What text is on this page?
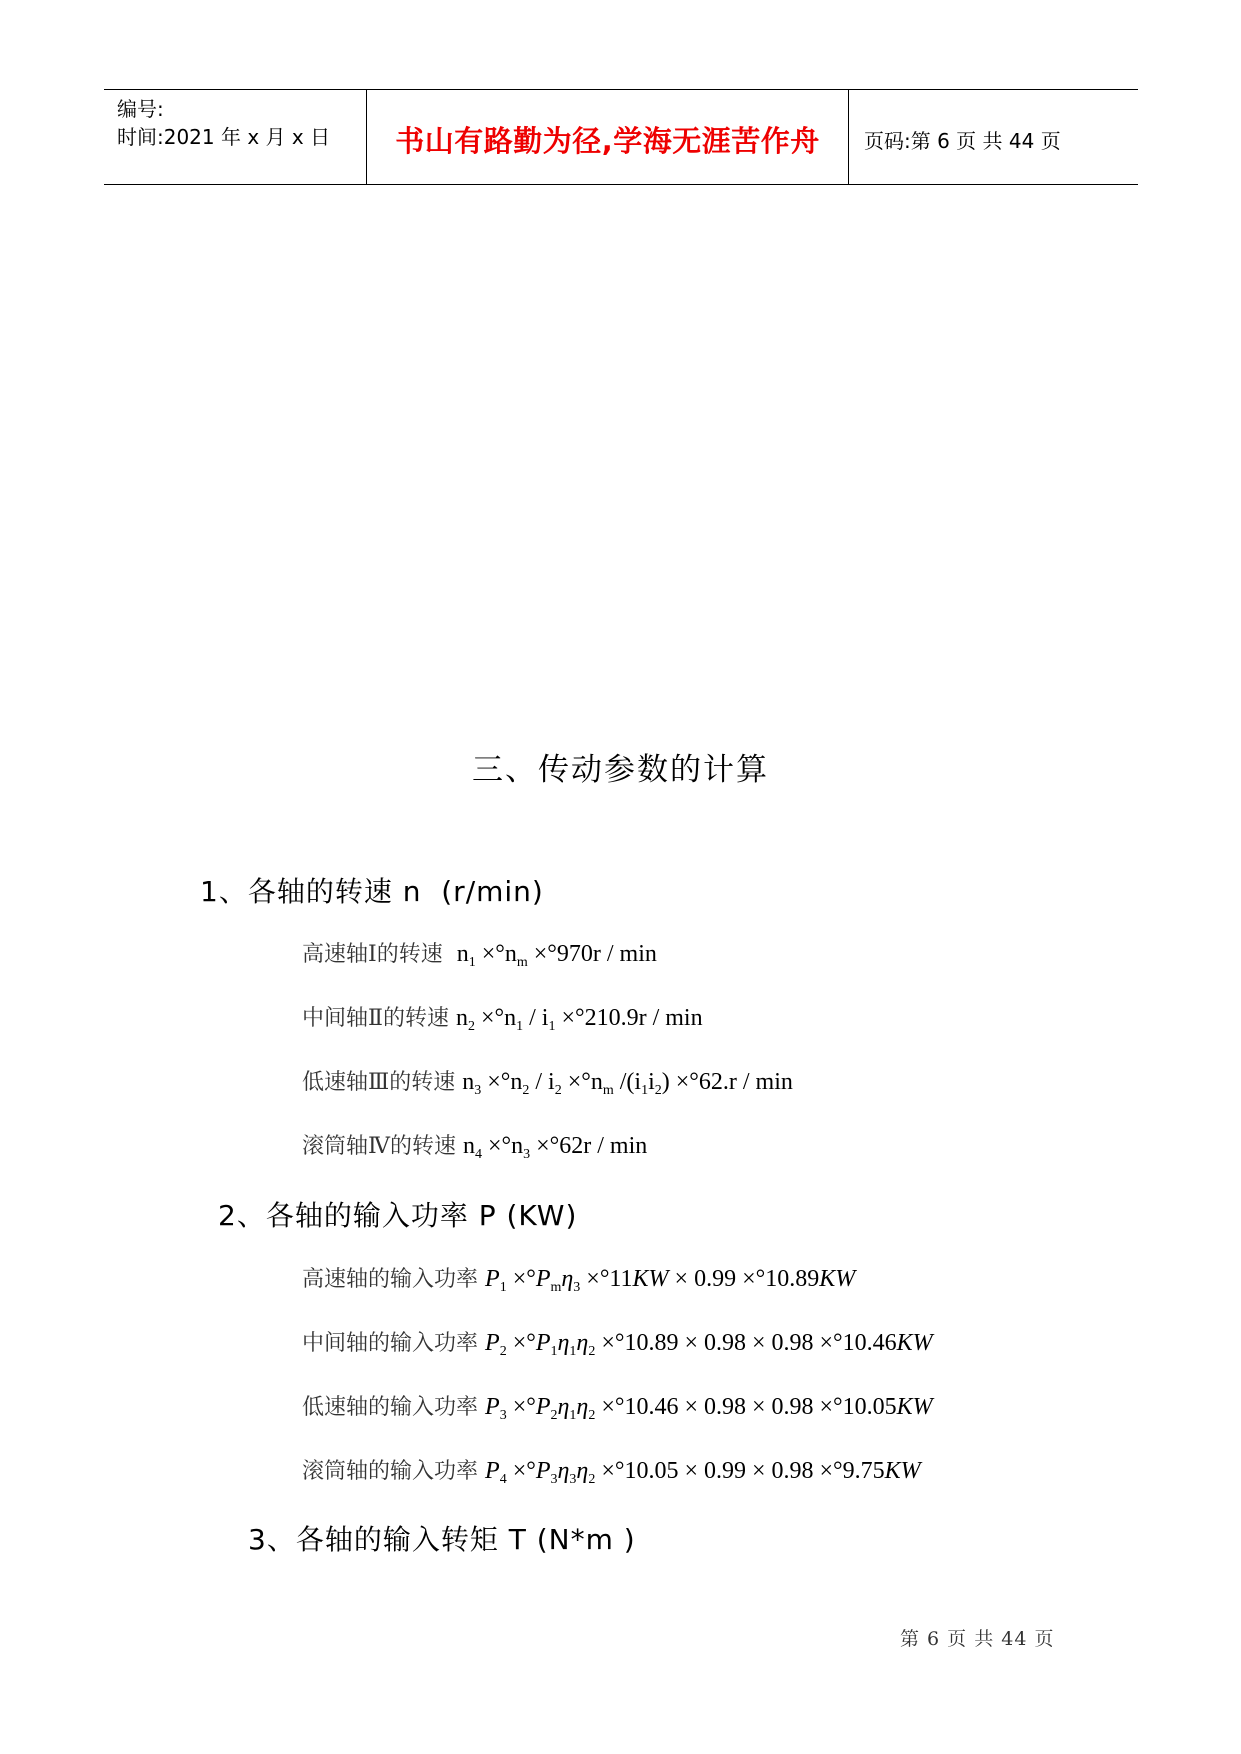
编号:
时间:2021 年 x 月 x 日	书山有路勤为径,学海无涯苦作舟	页码:第 6 页 共 44 页
三、传动参数的计算
1、各轴的转速 n  (r/min)
高速轴Ⅰ的转速 $n_1 \times^\circ n_m \times^\circ 970r / \min$
中间轴Ⅱ的转速 $n_2 \times^\circ n_1 / i_1 \times^\circ 210.9r / \min$
低速轴Ⅲ的转速 $n_3 \times^\circ n_2 / i_2 \times^\circ n_m$ $/(i_1i_2) \times^\circ 62.r / \min$
滚筒轴Ⅳ的转速 $n_4 \times^\circ n_3 \times^\circ 62r / \min$
2、各轴的输入功率 P (KW)
高速轴的输入功率 $P_1 \times^\circ P_m\eta_3 \times^\circ 11KW \times 0.99 \times^\circ 10.89KW$
中间轴的输入功率 $P_2 \times^\circ P_1\eta_1\eta_2 \times^\circ 10.89 \times 0.98 \times 0.98 \times^\circ 10.46KW$
低速轴的输入功率 $P_3 \times^\circ P_2\eta_1\eta_2 \times^\circ 10.46 \times 0.98 \times 0.98 \times^\circ 10.05KW$
滚筒轴的输入功率 $P_4 \times^\circ P_3\eta_3\eta_2 \times^\circ 10.05 \times 0.99 \times 0.98 \times^\circ 9.75KW$
3、各轴的输入转矩 T (N*m )
第 6 页 共 44 页
